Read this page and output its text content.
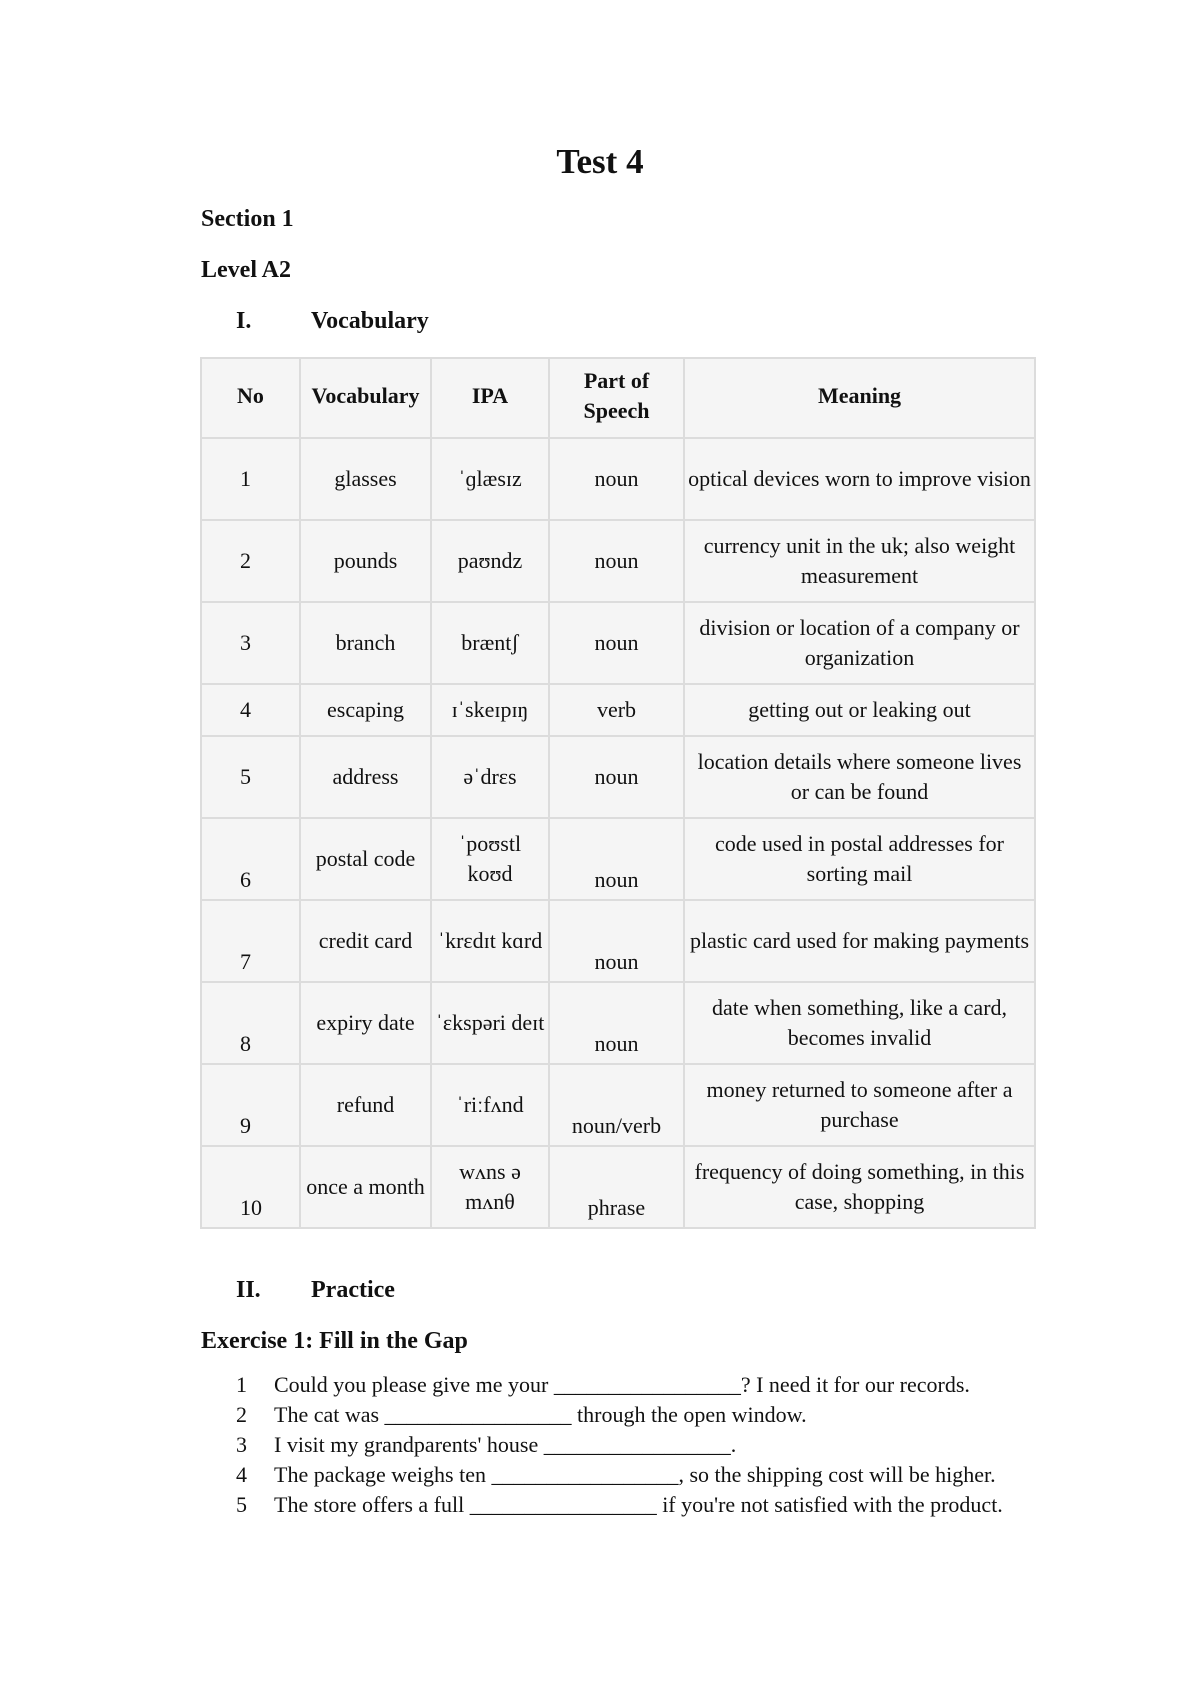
Test 4
Section 1
Level A2
I. Vocabulary
No	Vocabulary	IPA	Part of Speech	Meaning
1	glasses	ˈɡlæsɪz	noun	optical devices worn to improve vision
2	pounds	paʊndz	noun	currency unit in the uk; also weight measurement
3	branch	bræntʃ	noun	division or location of a company or organization
4	escaping	ɪˈskeɪpɪŋ	verb	getting out or leaking out
5	address	əˈdrɛs	noun	location details where someone lives or can be found
6	postal code	ˈpoʊstl koʊd	noun	code used in postal addresses for sorting mail
7	credit card	ˈkrɛdɪt kɑrd	noun	plastic card used for making payments
8	expiry date	ˈɛkspəri deɪt	noun	date when something, like a card, becomes invalid
9	refund	ˈriːfʌnd	noun/verb	money returned to someone after a purchase
10	once a month	wʌns ə mʌnθ	phrase	frequency of doing something, in this case, shopping
II. Practice
Exercise 1: Fill in the Gap
1 Could you please give me your _________________? I need it for our records.
2 The cat was _________________ through the open window.
3 I visit my grandparents' house _________________.
4 The package weighs ten _________________, so the shipping cost will be higher.
5 The store offers a full _________________ if you're not satisfied with the product.
